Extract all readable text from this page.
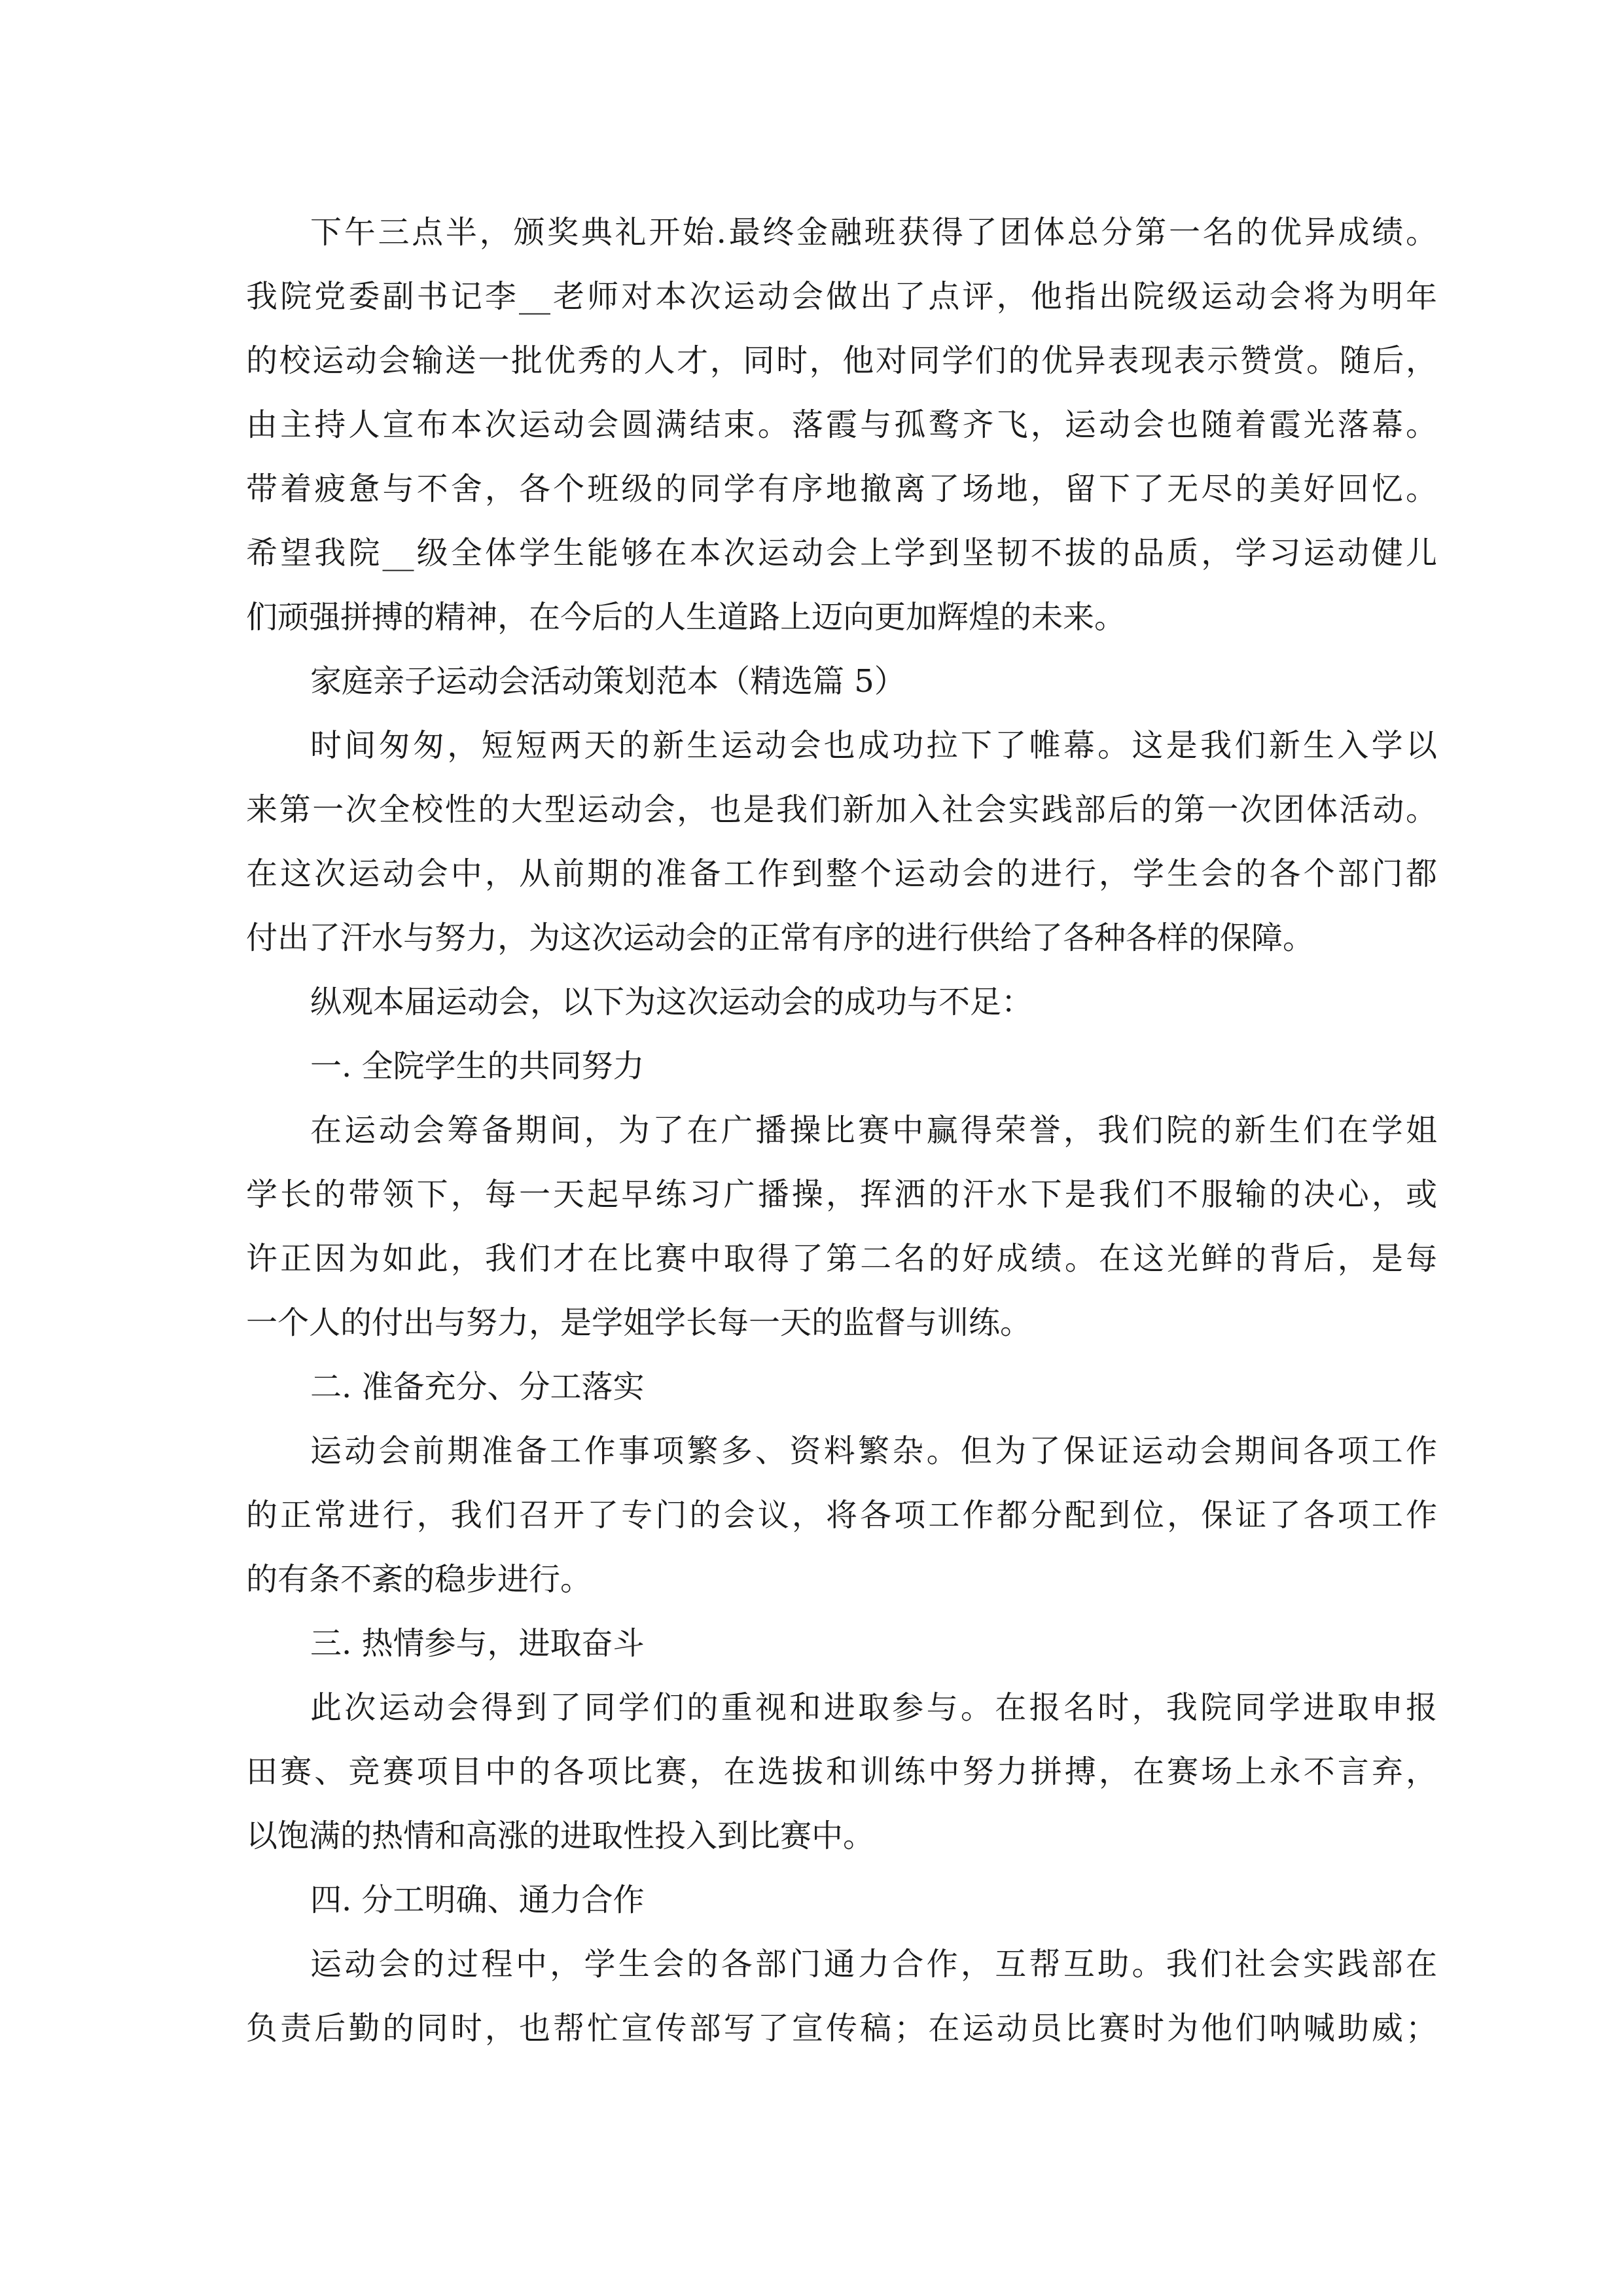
下午三点半，颁奖典礼开始.最终金融班获得了团体总分第一名的优异成绩。
我院党委副书记李__老师对本次运动会做出了点评，他指出院级运动会将为明年
的校运动会输送一批优秀的人才，同时，他对同学们的优异表现表示赞赏。随后，
由主持人宣布本次运动会圆满结束。落霞与孤鹜齐飞，运动会也随着霞光落幕。
带着疲惫与不舍，各个班级的同学有序地撤离了场地，留下了无尽的美好回忆。
希望我院__级全体学生能够在本次运动会上学到坚韧不拔的品质，学习运动健儿
们顽强拼搏的精神，在今后的人生道路上迈向更加辉煌的未来。
家庭亲子运动会活动策划范本（精选篇 5）
时间匆匆，短短两天的新生运动会也成功拉下了帷幕。这是我们新生入学以
来第一次全校性的大型运动会，也是我们新加入社会实践部后的第一次团体活动。
在这次运动会中，从前期的准备工作到整个运动会的进行，学生会的各个部门都
付出了汗水与努力，为这次运动会的正常有序的进行供给了各种各样的保障。
纵观本届运动会，以下为这次运动会的成功与不足：
一. 全院学生的共同努力
在运动会筹备期间，为了在广播操比赛中赢得荣誉，我们院的新生们在学姐
学长的带领下，每一天起早练习广播操，挥洒的汗水下是我们不服输的决心，或
许正因为如此，我们才在比赛中取得了第二名的好成绩。在这光鲜的背后，是每
一个人的付出与努力，是学姐学长每一天的监督与训练。
二. 准备充分、分工落实
运动会前期准备工作事项繁多、资料繁杂。但为了保证运动会期间各项工作
的正常进行，我们召开了专门的会议，将各项工作都分配到位，保证了各项工作
的有条不紊的稳步进行。
三. 热情参与，进取奋斗
此次运动会得到了同学们的重视和进取参与。在报名时，我院同学进取申报
田赛、竞赛项目中的各项比赛，在选拔和训练中努力拼搏，在赛场上永不言弃，
以饱满的热情和高涨的进取性投入到比赛中。
四. 分工明确、通力合作
运动会的过程中，学生会的各部门通力合作，互帮互助。我们社会实践部在
负责后勤的同时，也帮忙宣传部写了宣传稿；在运动员比赛时为他们呐喊助威；
